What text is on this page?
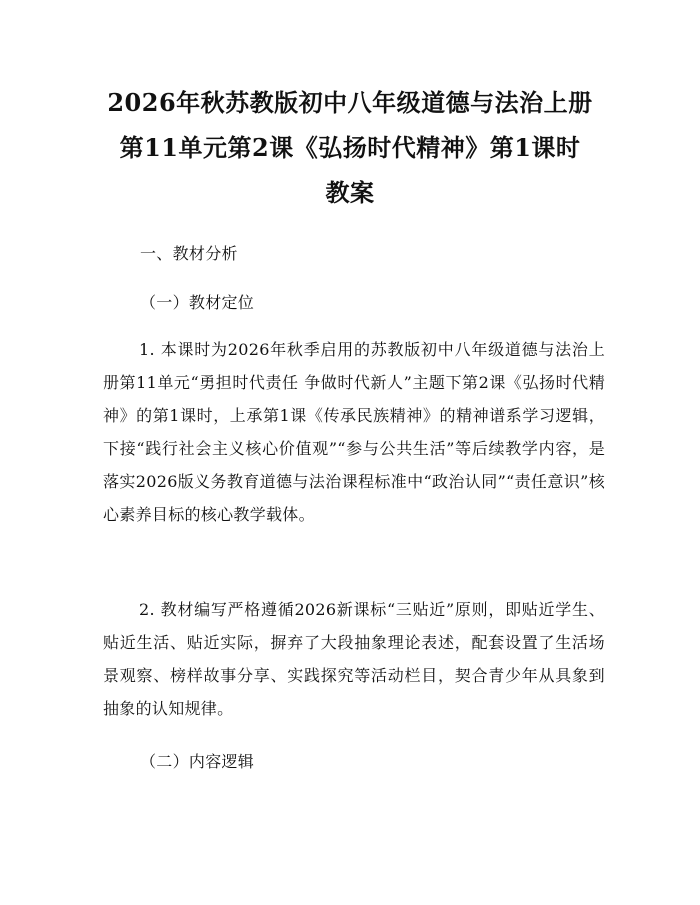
2026年秋苏教版初中八年级道德与法治上册
第11单元第2课《弘扬时代精神》第1课时
教案
一、教材分析
（一）教材定位
1. 本课时为2026年秋季启用的苏教版初中八年级道德与法治上册第11单元“勇担时代责任 争做时代新人”主题下第2课《弘扬时代精神》的第1课时，上承第1课《传承民族精神》的精神谱系学习逻辑，下接“践行社会主义核心价值观”“参与公共生活”等后续教学内容，是落实2026版义务教育道德与法治课程标准中“政治认同”“责任意识”核心素养目标的核心教学载体。
2. 教材编写严格遵循2026新课标“三贴近”原则，即贴近学生、贴近生活、贴近实际，摒弃了大段抽象理论表述，配套设置了生活场景观察、榜样故事分享、实践探究等活动栏目，契合青少年从具象到抽象的认知规律。
（二）内容逻辑
